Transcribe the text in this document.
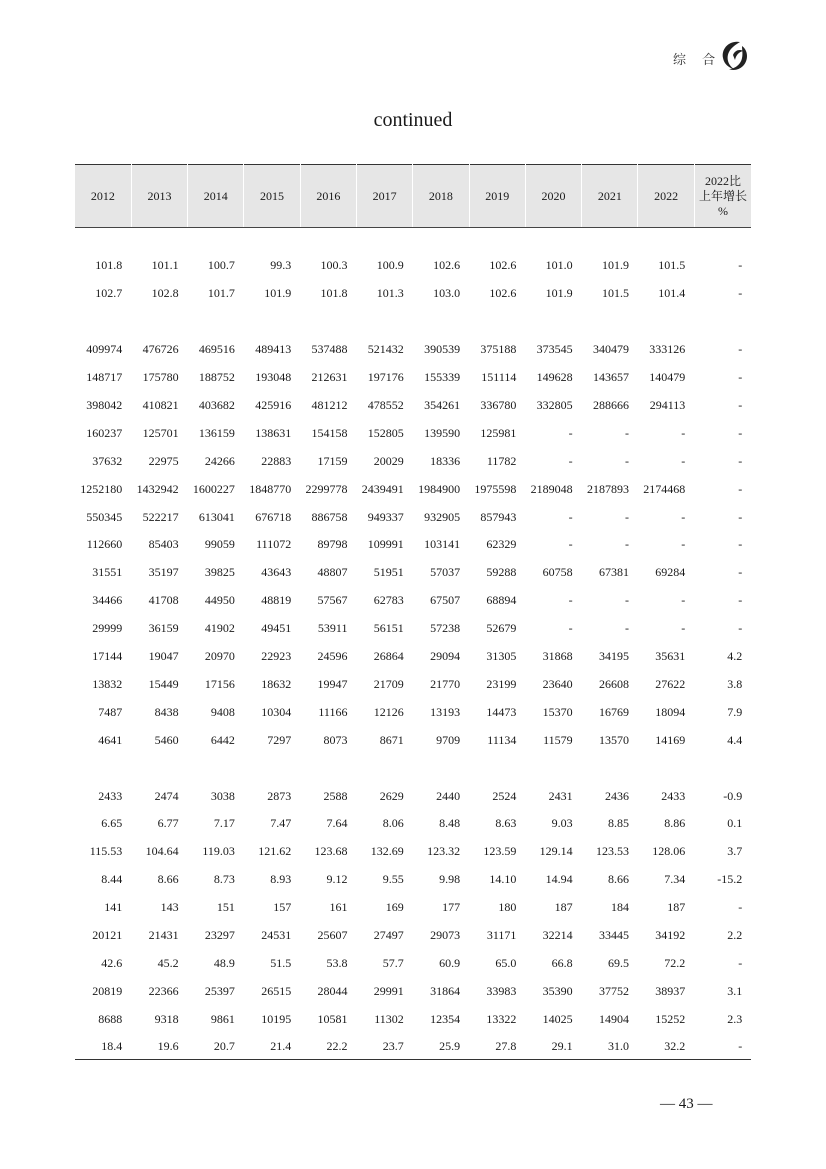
综 合
continued
2012	2013	2014	2015	2016	2017	2018	2019	2020	2021	2022	2022比
上年增长
%

101.8	101.1	100.7	99.3	100.3	100.9	102.6	102.6	101.0	101.9	101.5	-
102.7	102.8	101.7	101.9	101.8	101.3	103.0	102.6	101.9	101.5	101.4	-

409974	476726	469516	489413	537488	521432	390539	375188	373545	340479	333126	-
148717	175780	188752	193048	212631	197176	155339	151114	149628	143657	140479	-
398042	410821	403682	425916	481212	478552	354261	336780	332805	288666	294113	-
160237	125701	136159	138631	154158	152805	139590	125981	-	-	-	-
37632	22975	24266	22883	17159	20029	18336	11782	-	-	-	-
1252180	1432942	1600227	1848770	2299778	2439491	1984900	1975598	2189048	2187893	2174468	-
550345	522217	613041	676718	886758	949337	932905	857943	-	-	-	-
112660	85403	99059	111072	89798	109991	103141	62329	-	-	-	-
31551	35197	39825	43643	48807	51951	57037	59288	60758	67381	69284	-
34466	41708	44950	48819	57567	62783	67507	68894	-	-	-	-
29999	36159	41902	49451	53911	56151	57238	52679	-	-	-	-
17144	19047	20970	22923	24596	26864	29094	31305	31868	34195	35631	4.2
13832	15449	17156	18632	19947	21709	21770	23199	23640	26608	27622	3.8
7487	8438	9408	10304	11166	12126	13193	14473	15370	16769	18094	7.9
4641	5460	6442	7297	8073	8671	9709	11134	11579	13570	14169	4.4

2433	2474	3038	2873	2588	2629	2440	2524	2431	2436	2433	-0.9
6.65	6.77	7.17	7.47	7.64	8.06	8.48	8.63	9.03	8.85	8.86	0.1
115.53	104.64	119.03	121.62	123.68	132.69	123.32	123.59	129.14	123.53	128.06	3.7
8.44	8.66	8.73	8.93	9.12	9.55	9.98	14.10	14.94	8.66	7.34	-15.2
141	143	151	157	161	169	177	180	187	184	187	-
20121	21431	23297	24531	25607	27497	29073	31171	32214	33445	34192	2.2
42.6	45.2	48.9	51.5	53.8	57.7	60.9	65.0	66.8	69.5	72.2	-
20819	22366	25397	26515	28044	29991	31864	33983	35390	37752	38937	3.1
8688	9318	9861	10195	10581	11302	12354	13322	14025	14904	15252	2.3
18.4	19.6	20.7	21.4	22.2	23.7	25.9	27.8	29.1	31.0	32.2	-
— 43 —
